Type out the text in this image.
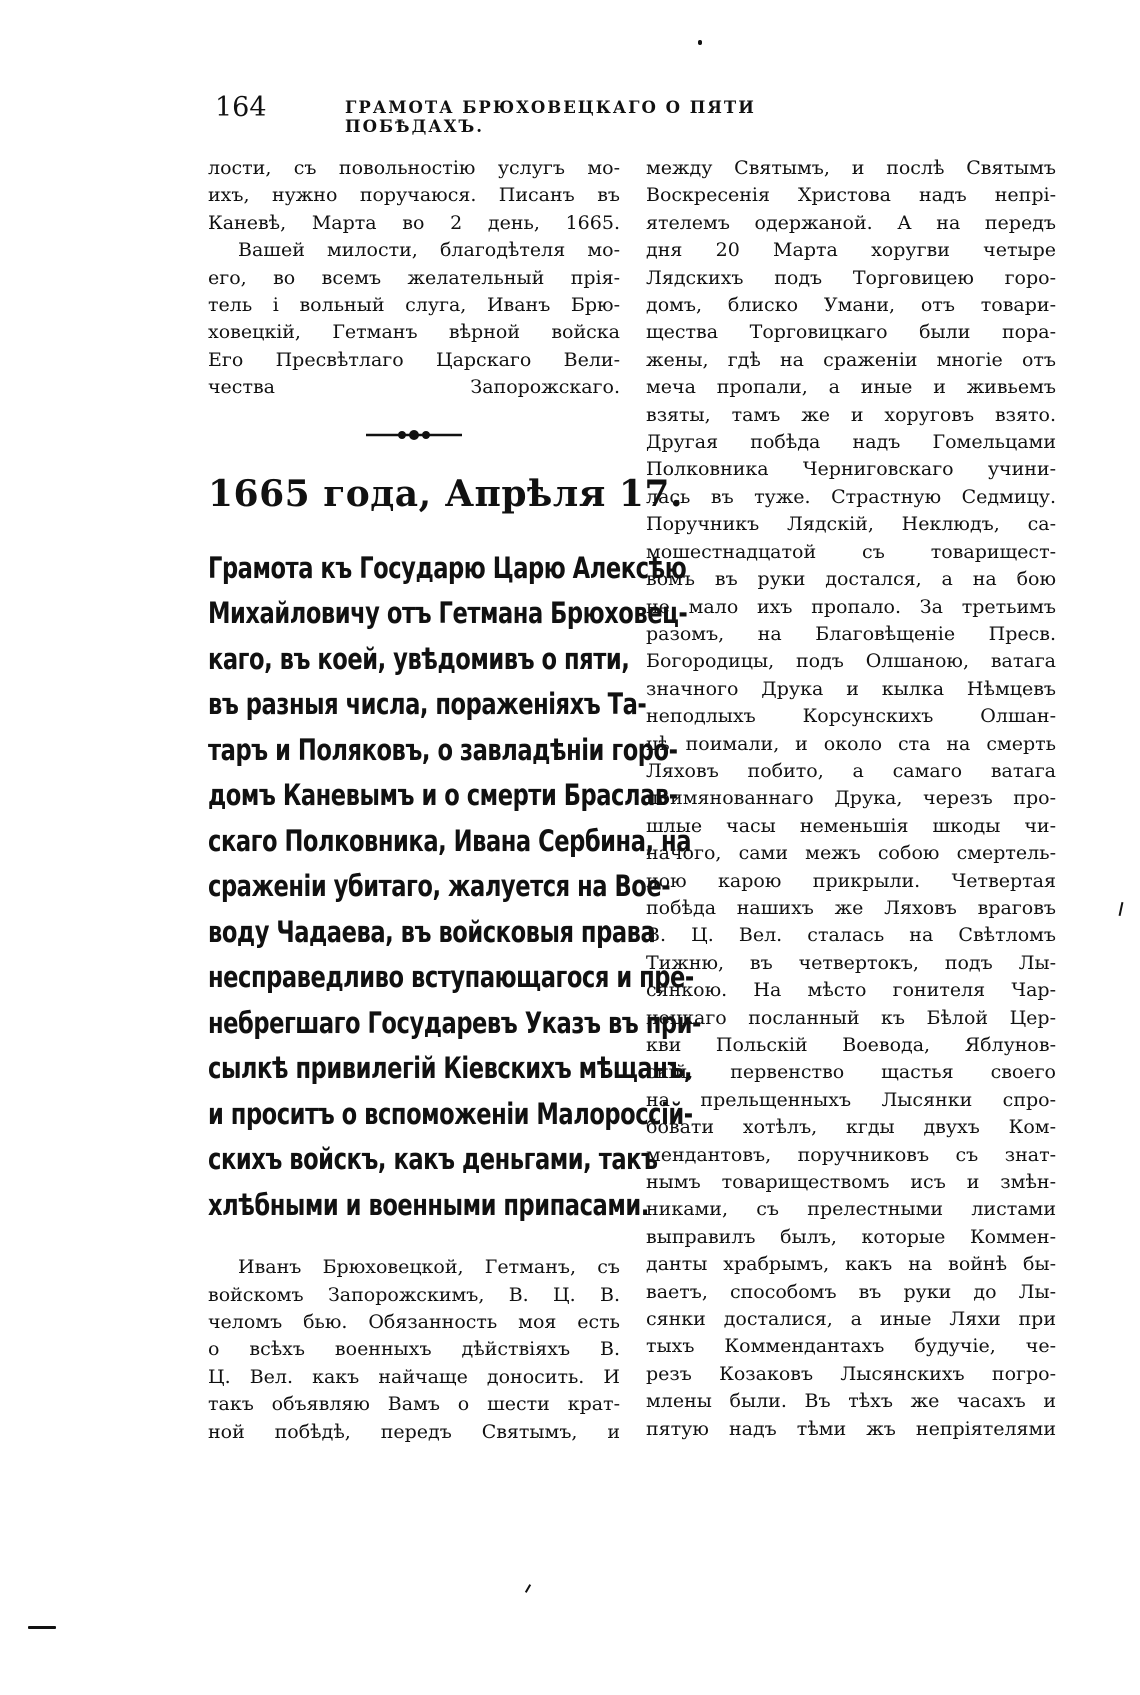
164	ГРАМОТА БРЮХОВЕЦКАГО О ПЯТИ ПОБѢДАХЪ.

лости, съ повольностію услугъ мо-
ихъ, нужно поручаюся. Писанъ въ
Каневѣ, Марта во 2 день, 1665.

Вашей милости, благодѣтеля мо-
его, во всемъ желательный прія-
тель і вольный слуга, Иванъ Брю-
ховецкій, Гетманъ вѣрной войска
Его Пресвѣтлаго Царскаго Вели-
чества Запорожскаго.

1665 года, Апрѣля 17.
Грамота къ Государю Царю Алексѣю
Михайловичу отъ Гетмана Брюховец-
каго, въ коей, увѣдомивъ о пяти,
въ разныя числа, пораженіяхъ Та-
таръ и Поляковъ, о завладѣніи горо-
домъ Каневымъ и о смерти Браслав-
скаго Полковника, Ивана Сербина, на
сраженіи убитаго, жалуется на Вое-
воду Чадаева, въ войсковыя права
несправедливо вступающагося и пре-
небрегшаго Государевъ Указъ въ при-
сылкѣ привилегій Кіевскихъ мѣщанъ,
и проситъ о вспоможеніи Малороссій-
скихъ войскъ, какъ деньгами, такъ
хлѣбными и военными припасами.

Иванъ Брюховецкой, Гетманъ, съ
войскомъ Запорожскимъ, В. Ц. В.
челомъ бью. Обязанность моя есть
о всѣхъ военныхъ дѣйствіяхъ В.
Ц. Вел. какъ найчаще доносить. И
такъ объявляю Вамъ о шести крат-
ной побѣдѣ, передъ Святымъ, и

между Святымъ, и послѣ Святымъ
Воскресенія Христова надъ непрі-
ятелемъ одержаной. А на передъ
дня 20 Марта хоругви четыре
Лядскихъ подъ Торговицею горо-
домъ, блиско Умани, отъ товари-
щества Торговицкаго были пора-
жены, гдѣ на сраженіи многіе отъ
меча пропали, а иные и живьемъ
взяты, тамъ же и хоруговъ взято.
Другая побѣда надъ Гомельцами
Полковника Черниговскаго учини-
лась въ туже. Страстную Седмицу.
Поручникъ Лядскій, Неклюдъ, са-
мошестнадцатой съ товарищест-
вомъ въ руки достался, а на бою
не мало ихъ пропало. За третьимъ
разомъ, на Благовѣщеніе Пресв.
Богородицы, подъ Олшаною, ватага
значного Друка и кылка Нѣмцевъ
неподлыхъ Корсунскихъ Олшан-
цѣ поимали, и около ста на смерть
Ляховъ побито, а самаго ватага
поимянованнаго Друка, черезъ про-
шлые часы неменьшія шкоды чи-
начого, сами межъ собою смертель-
ною карою прикрыли. Четвертая
побѣда нашихъ же Ляховъ враговъ
В. Ц. Вел. сталась на Свѣтломъ
Тижню, въ четвертокъ, подъ Лы-
сянкою. На мѣсто гонителя Чар-
нецкаго посланный къ Бѣлой Цер-
кви Польскій Воевода, Яблунов-
скій, первенство щастья своего
на прельщенныхъ Лысянки спро-
бовати хотѣлъ, кгды двухъ Ком-
мендантовъ, поручниковъ съ знат-
нымъ товариществомъ исъ и змѣн-
никами, съ прелестными листами
выправилъ былъ, которые Коммен-
данты храбрымъ, какъ на войнѣ бы-
ваетъ, способомъ въ руки до Лы-
сянки досталися, а иные Ляхи при
тыхъ Коммендантахъ будучіе, че-
резъ Козаковъ Лысянскихъ погро-
млены были. Въ тѣхъ же часахъ и
пятую надъ тѣми жъ непріятелями
